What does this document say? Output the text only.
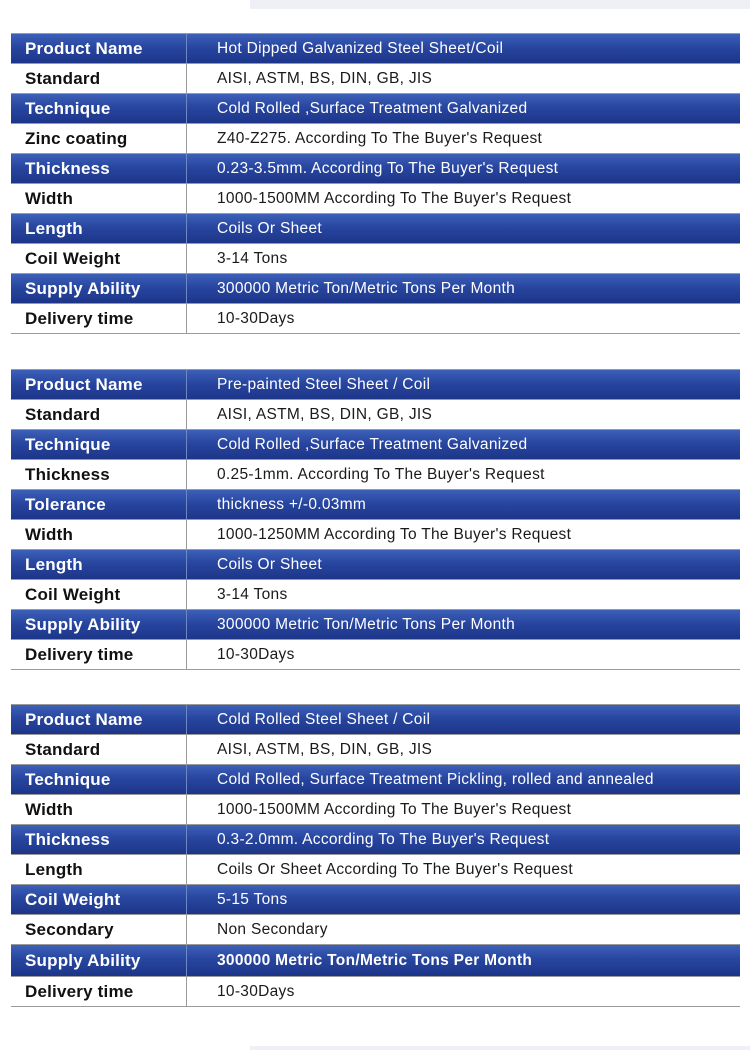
Product Name	Hot Dipped Galvanized Steel Sheet/Coil
Standard	AISI, ASTM, BS, DIN, GB, JIS
Technique	Cold Rolled ,Surface Treatment Galvanized
Zinc coating	Z40-Z275. According To The Buyer's Request
Thickness	0.23-3.5mm. According To The Buyer's Request
Width	1000-1500MM According To The Buyer's Request
Length	Coils Or Sheet
Coil Weight	3-14 Tons
Supply Ability	300000 Metric Ton/Metric Tons Per Month
Delivery time	10-30Days
Product Name	Pre-painted Steel Sheet / Coil
Standard	AISI, ASTM, BS, DIN, GB, JIS
Technique	Cold Rolled ,Surface Treatment Galvanized
Thickness	0.25-1mm. According To The Buyer's Request
Tolerance	thickness +/-0.03mm
Width	1000-1250MM According To The Buyer's Request
Length	Coils Or Sheet
Coil Weight	3-14 Tons
Supply Ability	300000 Metric Ton/Metric Tons Per Month
Delivery time	10-30Days
Product Name	Cold Rolled Steel Sheet / Coil
Standard	AISI, ASTM, BS, DIN, GB, JIS
Technique	Cold Rolled, Surface Treatment Pickling, rolled and annealed
Width	1000-1500MM According To The Buyer's Request
Thickness	0.3-2.0mm. According To The Buyer's Request
Length	Coils Or Sheet According To The Buyer's Request
Coil Weight	5-15 Tons
Secondary	Non Secondary
Supply Ability	300000 Metric Ton/Metric Tons Per Month
Delivery time	10-30Days
